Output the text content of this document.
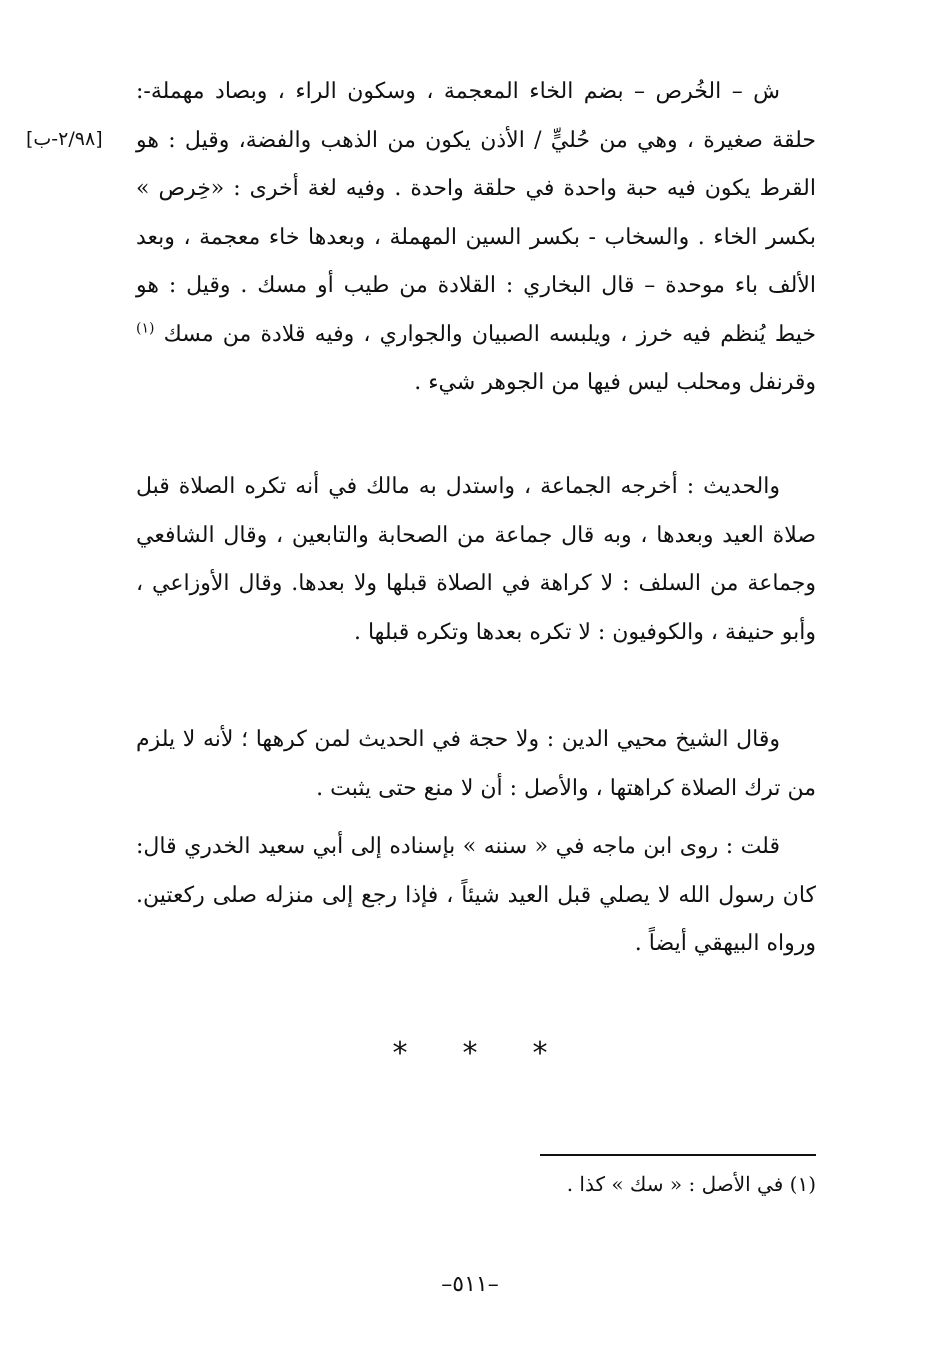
[٢/٩٨-ب]

ش – الخُرص – بضم الخاء المعجمة ، وسكون الراء ، وبصاد مهملة-: حلقة صغيرة ، وهي من حُليٍّ / الأذن يكون من الذهب والفضة، وقيل : هو القرط يكون فيه حبة واحدة في حلقة واحدة . وفيه لغة أخرى : «خِرص » بكسر الخاء . والسخاب - بكسر السين المهملة ، وبعدها خاء معجمة ، وبعد الألف باء موحدة – قال البخاري : القلادة من طيب أو مسك . وقيل : هو خيط يُنظم فيه خرز ، ويلبسه الصبيان والجواري ، وفيه قلادة من مسك $^{(١)}$ وقرنفل ومحلب ليس فيها من الجوهر شيء .

والحديث : أخرجه الجماعة ، واستدل به مالك في أنه تكره الصلاة قبل صلاة العيد وبعدها ، وبه قال جماعة من الصحابة والتابعين ، وقال الشافعي وجماعة من السلف : لا كراهة في الصلاة قبلها ولا بعدها. وقال الأوزاعي ، وأبو حنيفة ، والكوفيون : لا تكره بعدها وتكره قبلها .

وقال الشيخ محيي الدين : ولا حجة في الحديث لمن كرهها ؛ لأنه لا يلزم من ترك الصلاة كراهتها ، والأصل : أن لا منع حتى يثبت .

قلت : روى ابن ماجه في « سننه » بإسناده إلى أبي سعيد الخدري قال: كان رسول الله لا يصلي قبل العيد شيئاً ، فإذا رجع إلى منزله صلى ركعتين. ورواه البيهقي أيضاً .

*	*	*
(١) في الأصل : « سك » كذا .
–٥١١–
